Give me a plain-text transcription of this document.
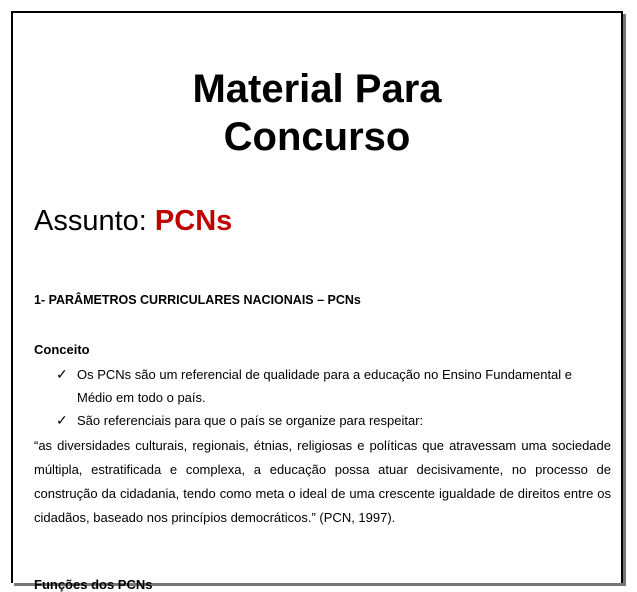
Material Para
Concurso
Assunto: PCNs
1- PARÂMETROS CURRICULARES NACIONAIS – PCNs
Conceito
✓ Os PCNs são um referencial de qualidade para a educação no Ensino Fundamental e Médio em todo o país.
✓ São referenciais para que o país se organize para respeitar:
“as diversidades culturais, regionais, étnias, religiosas e políticas que atravessam uma sociedade múltipla, estratificada e complexa, a educação possa atuar decisivamente, no processo de construção da cidadania, tendo como meta o ideal de uma crescente igualdade de direitos entre os cidadãos, baseado nos princípios democráticos.” (PCN, 1997).
Funções dos PCNs
